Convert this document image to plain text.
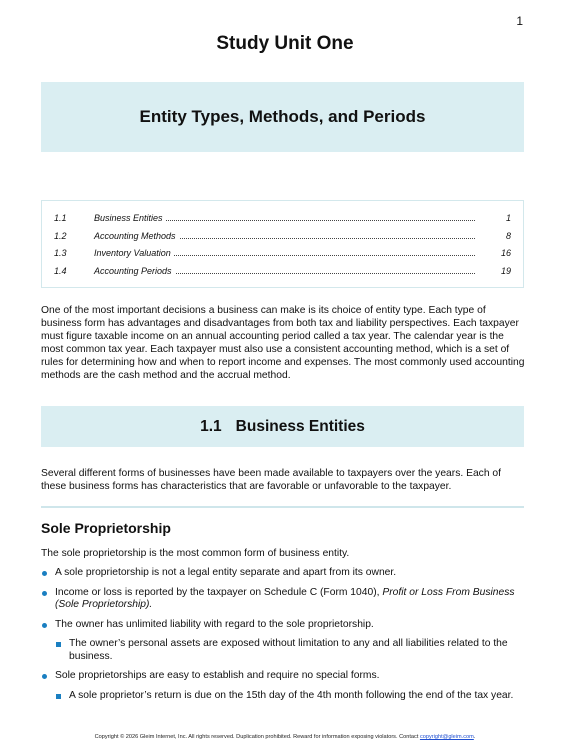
1
Study Unit One
Entity Types, Methods, and Periods
1.1	Business Entities	1
1.2	Accounting Methods	8
1.3	Inventory Valuation	16
1.4	Accounting Periods	19

One of the most important decisions a business can make is its choice of entity type. Each type of business form has advantages and disadvantages from both tax and liability perspectives. Each taxpayer must figure taxable income on an annual accounting period called a tax year. The calendar year is the most common tax year. Each taxpayer must also use a consistent accounting method, which is a set of rules for determining how and when to report income and expenses. The most commonly used accounting methods are the cash method and the accrual method.

1.1 Business Entities

Several different forms of businesses have been made available to taxpayers over the years. Each of these business forms has characteristics that are favorable or unfavorable to the taxpayer.

Sole Proprietorship

The sole proprietorship is the most common form of business entity.

A sole proprietorship is not a legal entity separate and apart from its owner.
Income or loss is reported by the taxpayer on Schedule C (Form 1040), Profit or Loss From Business (Sole Proprietorship).
The owner has unlimited liability with regard to the sole proprietorship.
The owner’s personal assets are exposed without limitation to any and all liabilities related to the business.
Sole proprietorships are easy to establish and require no special forms.
A sole proprietor’s return is due on the 15th day of the 4th month following the end of the tax year.
Copyright © 2026 Gleim Internet, Inc. All rights reserved. Duplication prohibited. Reward for information exposing violators. Contact copyright@gleim.com.
